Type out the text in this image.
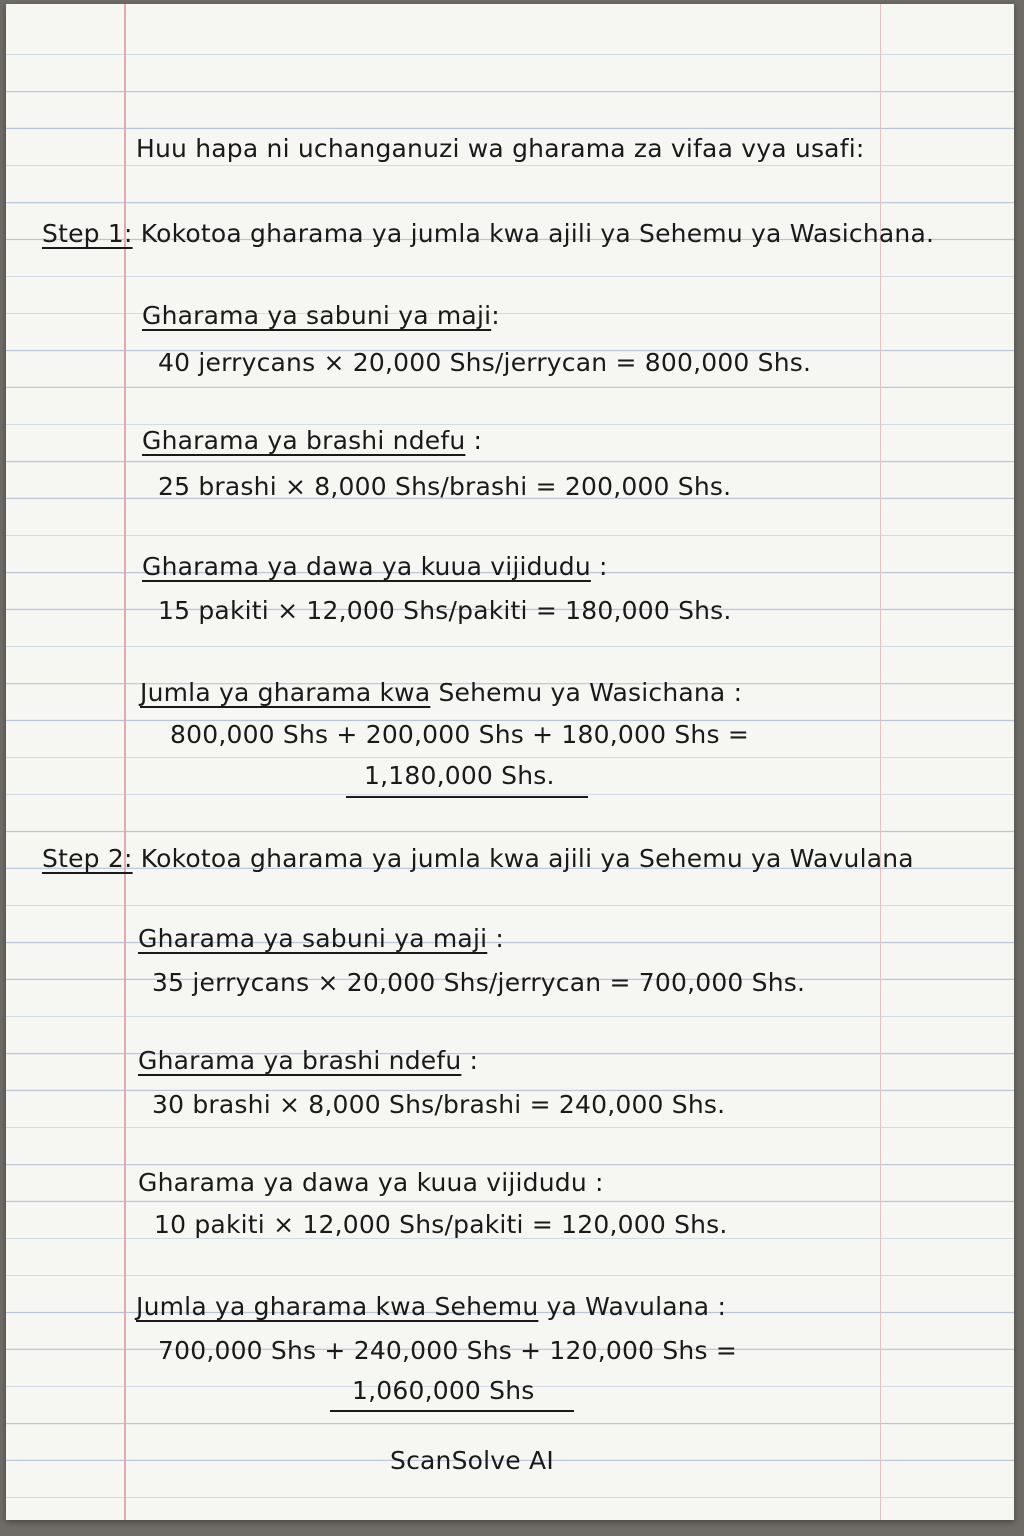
Huu hapa ni uchanganuzi wa gharama za vifaa vya usafi:
Step 1: Kokotoa gharama ya jumla kwa ajili ya Sehemu ya Wasichana.
Gharama ya sabuni ya maji:
40 jerrycans × 20,000 Shs/jerrycan = 800,000 Shs.
Gharama ya brashi ndefu :
25 brashi × 8,000 Shs/brashi = 200,000 Shs.
Gharama ya dawa ya kuua vijidudu :
15 pakiti × 12,000 Shs/pakiti = 180,000 Shs.
Jumla ya gharama kwa Sehemu ya Wasichana :
800,000 Shs + 200,000 Shs + 180,000 Shs =
1,180,000 Shs.
Step 2: Kokotoa gharama ya jumla kwa ajili ya Sehemu ya Wavulana
Gharama ya sabuni ya maji :
35 jerrycans × 20,000 Shs/jerrycan = 700,000 Shs.
Gharama ya brashi ndefu :
30 brashi × 8,000 Shs/brashi = 240,000 Shs.
Gharama ya dawa ya kuua vijidudu :
10 pakiti × 12,000 Shs/pakiti = 120,000 Shs.
Jumla ya gharama kwa Sehemu ya Wavulana :
700,000 Shs + 240,000 Shs + 120,000 Shs =
1,060,000 Shs
ScanSolve AI
